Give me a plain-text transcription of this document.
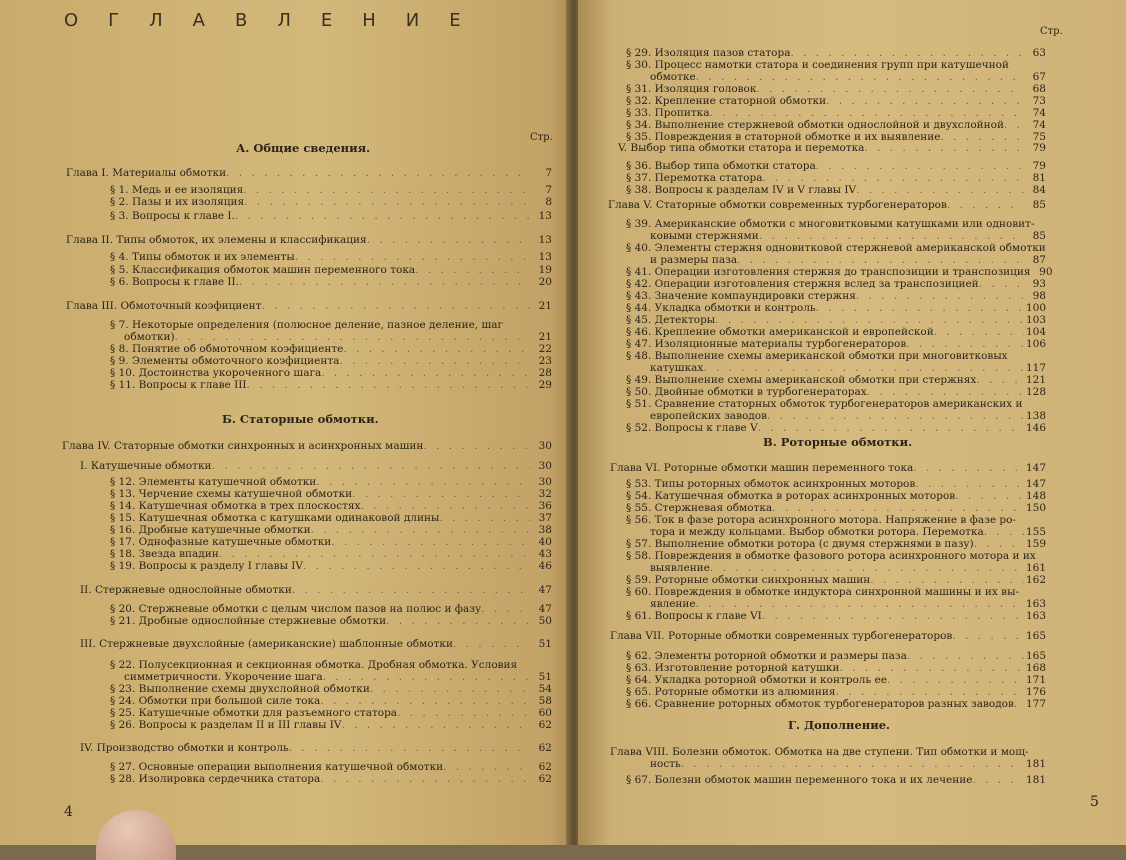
ОГЛАВЛЕНИЕ
А. Общие сведения.
Стр.
Глава I. Материалы обмотки . . .	7
§ 1. Медь и ее изоляция . . .	7
§ 2. Пазы и их изоляция . . .	8
§ 3. Вопросы к главе I. . . .	13
Глава II. Типы обмоток, их элемены и классификация . . .	13
§ 4. Типы обмоток и их элементы . . .	13
§ 5. Классификация обмоток машин переменного тока . . .	19
§ 6. Вопросы к главе II. . . .	20
Глава III. Обмоточный коэфициент . . .	21
§ 7. Некоторые определения (полюсное деление, пазное деление, шаг
обмотки) . . .	21
§ 8. Понятие об обмоточном коэфициенте . . .	22
§ 9. Элементы обмоточного коэфициента . . .	23
§ 10. Достоинства укороченного шага . . .	28
§ 11. Вопросы к главе III . . .	29
Глава IV. Статорные обмотки синхронных и асинхронных машин . . .	30
I. Катушечные обмотки . . .	30
§ 12. Элементы катушечной обмотки . . .	30
§ 13. Черчение схемы катушечной обмотки . . .	32
§ 14. Катушечная обмотка в трех плоскостях . . .	36
§ 15. Катушечная обмотка с катушками одинаковой длины . . .	37
§ 16. Дробные катушечные обмотки . . .	38
§ 17. Однофазные катушечные обмотки . . .	40
§ 18. Звезда впадин . . .	43
§ 19. Вопросы к разделу I главы IV . . .	46
II. Стержневые однослойные обмотки . . .	47
§ 20. Стержневые обмотки с целым числом пазов на полюс и фазу . . .	47
§ 21. Дробные однослойные стержневые обмотки . . .	50
III. Стержневые двухслойные (американские) шаблонные обмотки . . .	51
§ 22. Полусекционная и секционная обмотка. Дробная обмотка. Условия
симметричности. Укорочение шага . . .	51
§ 23. Выполнение схемы двухслойной обмотки . . .	54
§ 24. Обмотки при большой силе тока . . .	58
§ 25. Катушечные обмотки для разъемного статора . . .	60
§ 26. Вопросы к разделам II и III главы IV . . .	62
IV. Производство обмотки и контроль . . .	62
§ 27. Основные операции выполнения катушечной обмотки . . .	62
§ 28. Изолировка сердечника статора . . .	62
Б. Статорные обмотки.
4
Стр.
§ 29. Изоляция пазов статора . . .	63
§ 30. Процесс намотки статора и соединения групп при катушечной
обмотке . . .	67
§ 31. Изоляция головок . . .	68
§ 32. Крепление статорной обмотки . . .	73
§ 33. Пропитка . . .	74
§ 34. Выполнение стержневой обмотки однослойной и двухслойной . . .	74
§ 35. Повреждения в статорной обмотке и их выявление . . .	75
V. Выбор типа обмотки статора и перемотка . . .	79
§ 36. Выбор типа обмотки статора . . .	79
§ 37. Перемотка статора . . .	81
§ 38. Вопросы к разделам IV и V главы IV . . .	84
Глава V. Статорные обмотки современных турбогенераторов . . .	85
§ 39. Американские обмотки с многовитковыми катушками или одновит-
ковыми стержнями . . .	85
§ 40. Элементы стержня одновитковой стержневой американской обмотки
и размеры паза . . .	87
§ 41. Операции изготовления стержня до транспозиции и транспозиция 90
§ 42. Операции изготовления стержня вслед за транспозицией . . .	93
§ 43. Значение компаундировки стержня . . .	98
§ 44. Укладка обмотки и контроль . . .	100
§ 45. Детекторы . . .	103
§ 46. Крепление обмотки американской и европейской . . .	104
§ 47. Изоляционные материалы турбогенераторов . . .	106
§ 48. Выполнение схемы американской обмотки при многовитковых
катушках . . .	117
§ 49. Выполнение схемы американской обмотки при стержнях . . .	121
§ 50. Двойные обмотки в турбогенераторах . . .	128
§ 51. Сравнение статорных обмоток турбогенераторов американских и
европейских заводов . . .	138
§ 52. Вопросы к главе V . . .	146
Глава VI. Роторные обмотки машин переменного тока . . .	147
§ 53. Типы роторных обмоток асинхронных моторов . . .	147
§ 54. Катушечная обмотка в роторах асинхронных моторов . . .	148
§ 55. Стержневая обмотка . . .	150
§ 56. Ток в фазе ротора асинхронного мотора. Напряжение в фазе ро-
тора и между кольцами. Выбор обмотки ротора. Перемотка . . .	155
§ 57. Выполнение обмотки ротора (с двумя стержнями в пазу) . . .	159
§ 58. Повреждения в обмотке фазового ротора асинхронного мотора и их
выявление . . .	161
§ 59. Роторные обмотки синхронных машин . . .	162
§ 60. Повреждения в обмотке индуктора синхронной машины и их вы-
явление . . .	163
§ 61. Вопросы к главе VI . . .	163
Глава VII. Роторные обмотки современных турбогенераторов . . .	165
§ 62. Элементы роторной обмотки и размеры паза . . .	165
§ 63. Изготовление роторной катушки . . .	168
§ 64. Укладка роторной обмотки и контроль ее . . .	171
§ 65. Роторные обмотки из алюминия . . .	176
§ 66. Сравнение роторных обмоток турбогенераторов разных заводов . . . 177
Глава VIII. Болезни обмоток. Обмотка на две ступени. Тип обмотки и мощ-
ность . . .	181
§ 67. Болезни обмоток машин переменного тока и их лечение . . .	181
В. Роторные обмотки.
Г. Дополнение.
5
